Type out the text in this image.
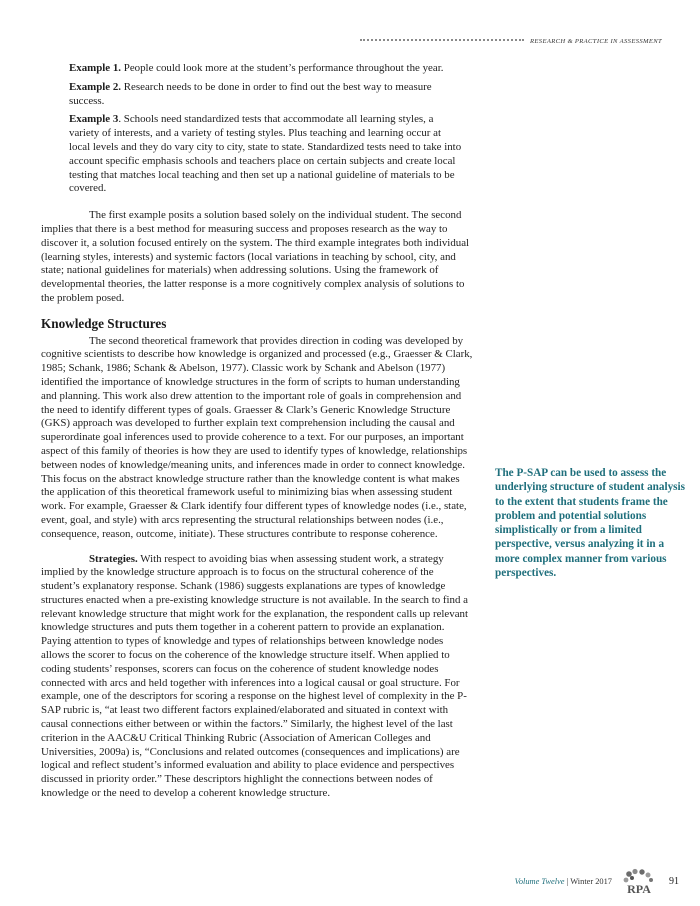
RESEARCH & PRACTICE IN ASSESSMENT

Example 1. People could look more at the student’s performance throughout the year.

Example 2. Research needs to be done in order to find out the best way to measure success.

Example 3. Schools need standardized tests that accommodate all learning styles, a variety of interests, and a variety of testing styles. Plus teaching and learning occur at local levels and they do vary city to city, state to state. Standardized tests need to take into account specific emphasis schools and teachers place on certain subjects and create local testing that matches local teaching and then set up a national guideline of materials to be covered.

The first example posits a solution based solely on the individual student. The second implies that there is a best method for measuring success and proposes research as the way to discover it, a solution focused entirely on the system. The third example integrates both individual (learning styles, interests) and systemic factors (local variations in teaching by school, city, and state; national guidelines for materials) when addressing solutions. Using the framework of developmental theories, the latter response is a more cognitively complex analysis of solutions to the problem posed.

Knowledge Structures

The second theoretical framework that provides direction in coding was developed by cognitive scientists to describe how knowledge is organized and processed (e.g., Graesser & Clark, 1985; Schank, 1986; Schank & Abelson, 1977). Classic work by Schank and Abelson (1977) identified the importance of knowledge structures in the form of scripts to human understanding and planning. This work also drew attention to the important role of goals in comprehension and the need to identify different types of goals. Graesser & Clark’s Generic Knowledge Structure (GKS) approach was developed to further explain text comprehension including the causal and superordinate goal inferences used to provide coherence to a text. For our purposes, an important aspect of this family of theories is how they are used to identify types of knowledge, relationships between nodes of knowledge/meaning units, and inferences made in order to connect knowledge. This focus on the abstract knowledge structure rather than the knowledge content is what makes the application of this theoretical framework useful to minimizing bias when assessing student work. For example, Graesser & Clark identify four different types of knowledge nodes (i.e., state, event, goal, and style) with arcs representing the structural relationships between nodes (i.e., consequence, reason, outcome, initiate). These structures contribute to response coherence.

Strategies. With respect to avoiding bias when assessing student work, a strategy implied by the knowledge structure approach is to focus on the structural coherence of the student’s explanatory response. Schank (1986) suggests explanations are types of knowledge structures enacted when a pre-existing knowledge structure is not available. In the search to find a relevant knowledge structure that might work for the explanation, the respondent calls up relevant knowledge structures and puts them together in a coherent pattern to provide an explanation. Paying attention to types of knowledge and types of relationships between knowledge nodes allows the scorer to focus on the coherence of the knowledge structure itself. When applied to coding students’ responses, scorers can focus on the coherence of student knowledge nodes connected with arcs and held together with inferences into a logical causal or goal structure. For example, one of the descriptors for scoring a response on the highest level of complexity in the P-SAP rubric is, “at least two different factors explained/elaborated and situated in context with causal connections either between or within the factors.” Similarly, the highest level of the last criterion in the AAC&U Critical Thinking Rubric (Association of American Colleges and Universities, 2009a) is, “Conclusions and related outcomes (consequences and implications) are logical and reflect student’s informed evaluation and ability to place evidence and perspectives discussed in priority order.” These descriptors highlight the connections between nodes of knowledge or the need to develop a coherent knowledge structure.

The P-SAP can be used to assess the underlying structure of student analysis to the extent that students frame the problem and potential solutions simplistically or from a limited perspective, versus analyzing it in a more complex manner from various perspectives.
Volume Twelve | Winter 2017
RPA
91
